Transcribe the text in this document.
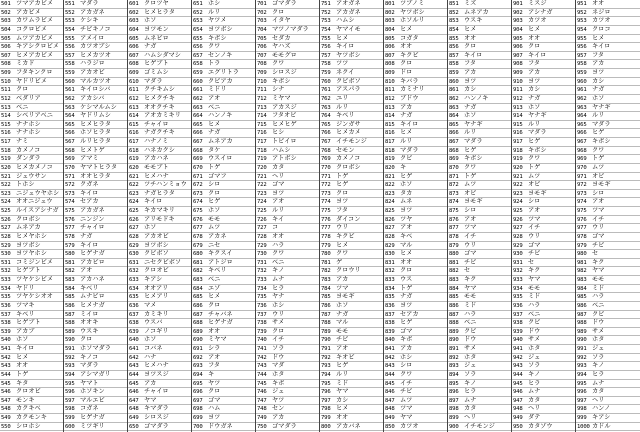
501 ツマアカビメ
502 アカビメ
503 カワムラビメ
504 コクロビメ
505 ムツアカビメ
506 キアシクロビメ
507 ヒメアカビメ
508 ミカド
509 フタキンクロ
510 ヤドリビメ
511 クロ
512 ベダリア
513 ベニ
514 シベリアベニ
515 ナナホシ
516 ナナホシ
517 ナミ
518 カメノコ
519 ダンダラ
520 ヒメカメノコ
521 ジュウサン
522 トホシ
523 ニジュウヤホシ
524 オオニジュウ
525 ルイスアシナガ
526 クロボシ
527 ムネアカ
528 ヒメヤホシ
529 ヨツボシ
530 ヨツヤホシ
531 コミジンビメ
532 ヒゲブト
533 ツヤケシビメ
534 ヤドリ
535 ツヤケシオオ
536 ツマキ
537 キベリ
538 ヒゲブト
539 アカブ
540 ホソ
541 キイロ
542 ヒメ
543 オオ
544 トゲ
545 キタ
546 クロオビ
547 モンキ
548 カクキベ
549 カクモンキ
550 シロホシ
551 マダラ
552 アカガネ
553 ケシキ
554 チビキノコ
555 アメイロ
556 カツオブシ
557 ヒメカツオ
558 ハラジロ
559 アカオビ
560 マルカツオ
561 キイロシバ
562 アカシバ
563 ケシマルムシ
564 ヤドリムシ
565 ヒメヒラタ
566 ホソヒラタ
567 ルリヒラタ
568 ヒメトゲ
569 アマミ
570 ヤマトヒラタ
571 オオヒラタ
572 クガネ
573 キイロ
574 セアカ
575 アカガネ
576 ニンジン
577 チャイロ
578 ナガ
579 キイロ
580 ヒゲナガ
581 アカビロ
582 アオ
583 アカハネ
584 キベリ
585 ムナビロ
586 ヒメナガ
587 ミイロ
588 オオキ
589 ウスキ
590 クロ
591 ホソマダラ
592 キノコ
593 マダラ
594 アシマガリ
595 ヤマト
596 ホソキン
597 マルエビ
598 コガネ
599 ヒゲナガ
600 ミツギリ
601 クロツヤ
602 ヒメヒラタ
603 ホソ
604 ヨツモン
605 ムネビロ
606 ナガ
607 ハムシダマシ
608 ヒゲブト
609 ゴミムシ
610 マダラ
611 クチキムシ
612 ヒメクチキ
613 オオクチキ
614 アオカミキリ
615 チャイロ
616 ナガクチキ
617 ハナノミ
618 ハネカクシ
619 アカハネ
620 モモブト
621 ヒメハナ
622 ツチハンミョウ
623 ナガヒラタ
624 キイロ
625 キカマキリ
626 アリモドキ
627 ホソ
628 アカオビ
629 ヨツボシ
630 クビボソ
631 ニセクビボソ
632 クロオビ
633 キアシ
634 オオアリ
635 ヒメアリ
636 マメ
637 カミキリ
638 ウスバ
639 ノコギリ
640 ホソ
641 コバネ
642 ハナ
643 ヒメハナ
644 ヨツスジ
645 アカ
646 チャイロ
647 ヤマ
648 キマダラ
649 シロスジ
650 ゴマダラ
651 ホシ
652 ルリ
653 ヤツメ
654 ヨツボシ
655 キボシ
656 クワ
657 センノキ
658 トラ
659 エグリトラ
660 クビアカ
661 ミドリ
662 アオ
663 ベニ
664 ハンノキ
665 ヒメ
666 ナガ
667 ムネアカ
668 タケ
669 ウスイロ
670 トゲ
671 ゴマフ
672 シロ
673 クロ
674 ヒゲ
675 ホソ
676 モモ
677 ムツ
678 アカネ
679 ニセ
680 キクスイ
681 アトジロ
682 キベリ
683 ベニ
684 エゾ
685 ヒメ
686 クロ
687 チャバネ
688 ヒゲナガ
689 オオ
690 ミヤマ
691 シラ
692 アオ
693 フタ
694 キ
695 ヤツ
696 クロ
697 ゴマ
698 ハム
699 ヨツ
700 ドウガネ
701 ゴマダラ
702 クロ
703 イタヤ
704 マツノマダラ
705 セダカ
706 ヤハズ
707 モモグロ
708 クワ
709 シロスジ
710 キボシ
711 シナ
712 ミヤマ
713 アカスジ
714 フタオビ
715 ヒメヒゲ
716 ヒシ
717 トビイロ
718 ハムシ
719 アトボシ
720 カタ
721 ヘリ
722 ゴマ
723 ヨツ
724 アオ
725 ルリ
726 キイ
727 コ
728 オオ
729 ハラ
730 クワ
731 ベニ
732 キノ
733 ムナ
734 ヒラ
735 ヤナ
736 ホシ
737 ウリ
738 サメ
739 クロ
740 イチ
741 ソラ
742 ドウ
743 マダ
744 ホタ
745 キボ
746 ジュ
747 ヤツ
748 セン
749 アカ
750 ゴマダラ
751 アオガネ
752 アカガネ
753 ハムシ
754 ヤマイモ
755 ヒメ
756 キイロ
757 ヤツボシ
758 ツツ
759 ネクイ
760 クビボソ
761 アスパラ
762 ユリ
763 ルリ
764 キベリ
765 ジンガサ
766 ヒメカメ
767 イチモンジ
768 セモン
769 カメノコ
770 クロボシ
771 トゲ
772 ヒゲ
773 クロ
774 ヨツ
775 フタ
776 ダイコン
777 ウリ
778 キクビ
779 ヒメ
780 クワ
781 ゲ
782 クロウリ
783 アカ
784 ツマ
785 ヨモギ
786 ホソ
787 ナガ
788 マル
789 モモ
790 チビ
791 アオ
792 キオビ
793 ヒゲ
794 ルリ
795 ミド
796 ヤマ
797 カシ
798 ヒメ
799 オオ
800 アカバネ
801 ツブノミ
802 ヤツボシ
803 ホソルリ
804 ヒメ
805 コガタ
806 オオ
807 キクビ
808 クロ
809 ドロ
810 キバラ
811 カミナリ
812 ブドウ
813 アカ
814 ナガ
815 キイロ
816 ヒメ
817 ルリ
818 マダラ
819 クビ
820 キ
821 ヒゲ
822 ホソ
823 タカ
824 ムネ
825 ヨツ
826 ツヤ
827 アオ
828 キベ
829 マル
830 ヒメ
831 オオ
832 クロ
833 ウス
834 トゲ
835 ナガ
836 ヨツ
837 セアカ
838 ヒゲ
839 ゴマ
840 キボ
841 アカ
842 ホシ
843 シロ
844 クワ
845 イチ
846 チビ
847 ムツ
848 ツマ
849 ヤマ
850 カツオ
851 ミズ
852 ムネアカ
853 ウスキ
854 ヒメ
855 オオ
856 クロ
857 キイロ
858 フタ
859 アカ
860 ヨツ
861 カシ
862 ハンノキ
863 ナガ
864 ホソ
865 ヤナギ
866 ルリ
867 マダラ
868 ヒゲ
869 キボシ
870 クワ
871 トゲ
872 ムツ
873 オビ
874 ヨモギ
875 シロ
876 アオ
877 ツマ
878 イチ
879 ウリ
880 ゴマ
881 チビ
882 セ
883 キク
884 ヤマ
885 モモ
886 ミド
887 ハラ
888 ベニ
889 クビ
890 ドウ
891 サメ
892 ホタ
893 ジュ
894 ソラ
895 キノ
896 ヒラ
897 ムナ
898 カタ
899 ヘリ
900 イチモンジ
901 ミスジ
902 アシナガ
903 カツオ
904 ヒメ
905 オオ
906 クロ
907 キイロ
908 フタ
909 アカ
910 ヨツ
911 カシ
912 ナガ
913 ホソ
914 ヤナギ
915 ルリ
916 マダラ
917 ヒゲ
918 キボシ
919 クワ
920 トゲ
921 ムツ
922 オビ
923 ヨモギ
924 シロ
925 アオ
926 ツマ
927 イチ
928 ウリ
929 ゴマ
930 チビ
931 セ
932 キク
933 ヤマ
934 モモ
935 ミド
936 ハラ
937 ベニ
938 クビ
939 ドウ
940 サメ
941 ホタ
942 ジュ
943 ソラ
944 キノ
945 ヒラ
946 ムナ
947 カタ
948 ヘリ
949 ダテ
950 カタゾウ
951 オオ
952 ネジロ
953 カツオ
954 クロコ
955 ヒメ
956 キイロ
957 フタ
958 アカ
959 ヨツ
960 カシ
961 ナガ
962 ホソ
963 ヤナギ
964 ルリ
965 マダラ
966 ヒゲ
967 キボシ
968 クワ
969 トゲ
970 ムツ
971 オビ
972 ヨモギ
973 シロ
974 アオ
975 ツマ
976 イチ
977 ウリ
978 ゴマ
979 チビ
980 セ
981 キク
982 ヤマ
983 モモ
984 ミド
985 ハラ
986 ベニ
987 クビ
988 ドウ
989 サメ
990 ホタ
991 ジュ
992 ソラ
993 キノ
994 ヒラ
995 ムナ
996 カタ
997 ヘリ
998 ハンノ
999 キアシ
1000 カドル
